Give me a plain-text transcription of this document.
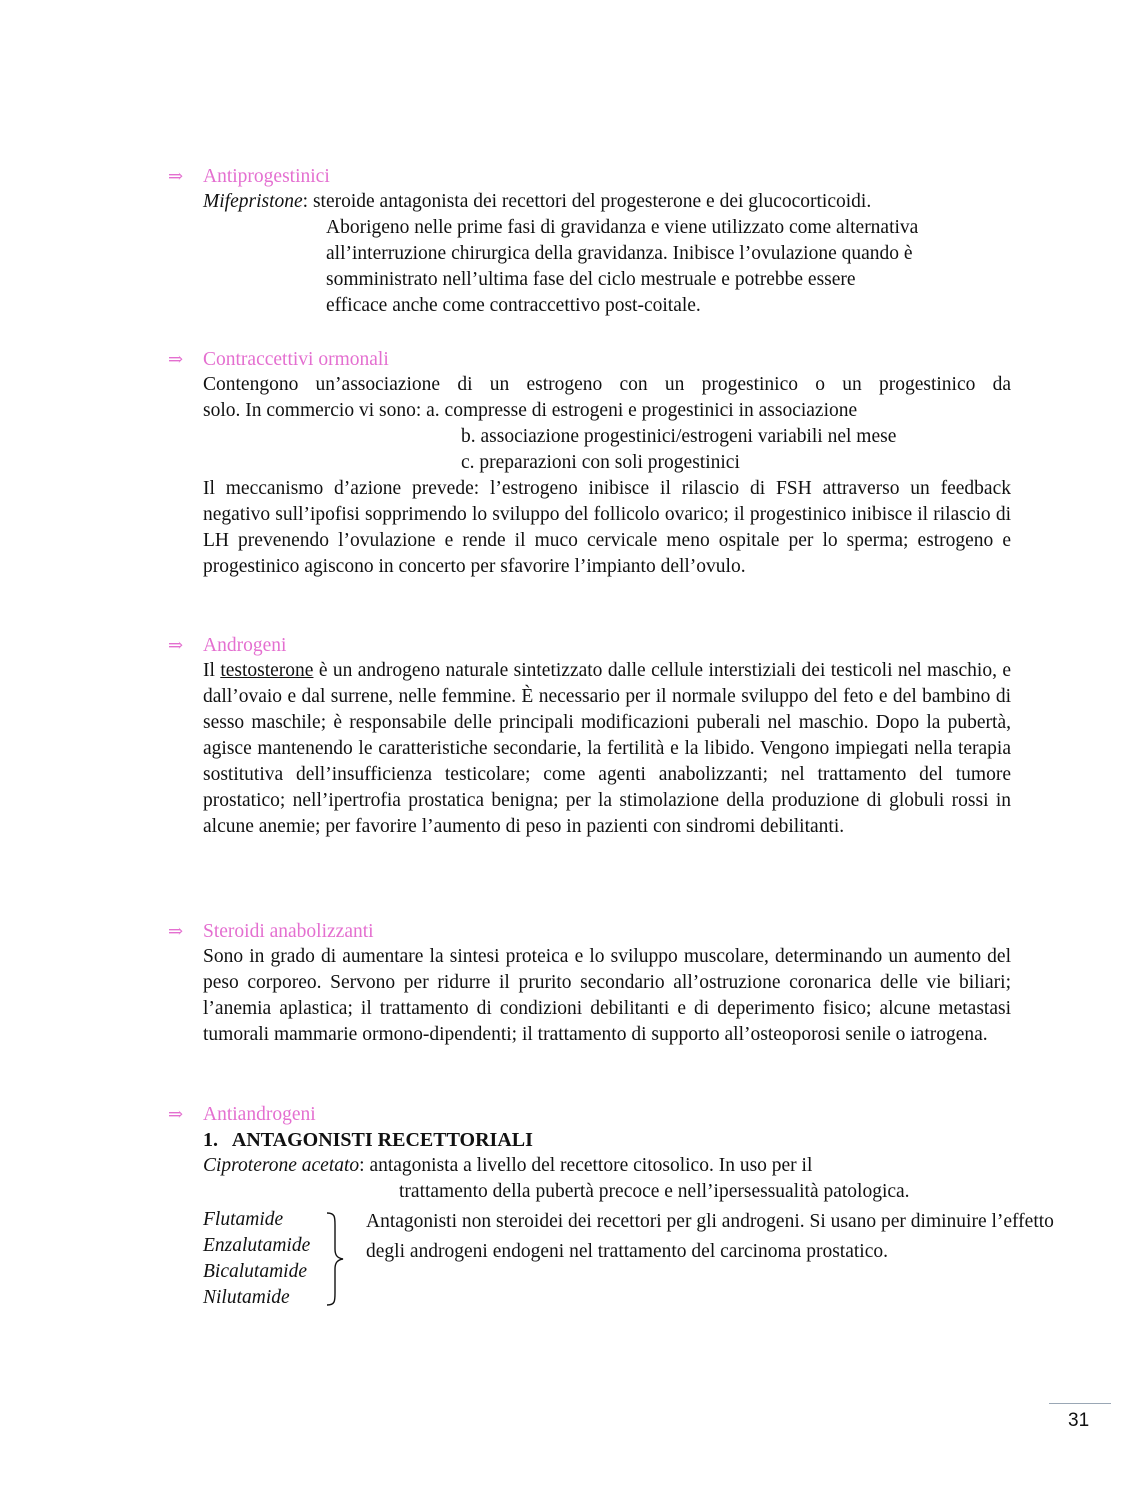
⇒	Antiprogestinici
Mifepristone: steroide antagonista dei recettori del progesterone e dei glucocorticoidi.
Aborigeno nelle prime fasi di gravidanza e viene utilizzato come alternativa
all’interruzione chirurgica della gravidanza. Inibisce l’ovulazione quando è
somministrato nell’ultima fase del ciclo mestruale e potrebbe essere
efficace anche come contraccettivo post-coitale.
⇒	Contraccettivi ormonali
Contengono un’associazione di un estrogeno con un progestinico o un progestinico da
solo. In commercio vi sono: a. compresse di estrogeni e progestinici in associazione
b. associazione progestinici/estrogeni variabili nel mese
c. preparazioni con soli progestinici
Il meccanismo d’azione prevede: l’estrogeno inibisce il rilascio di FSH attraverso un feedback negativo sull’ipofisi sopprimendo lo sviluppo del follicolo ovarico; il progestinico inibisce il rilascio di LH prevenendo l’ovulazione e rende il muco cervicale meno ospitale per lo sperma; estrogeno e progestinico agiscono in concerto per sfavorire l’impianto dell’ovulo.
⇒	Androgeni
Il testosterone è un androgeno naturale sintetizzato dalle cellule interstiziali dei testicoli nel maschio, e dall’ovaio e dal surrene, nelle femmine. È necessario per il normale sviluppo del feto e del bambino di sesso maschile; è responsabile delle principali modificazioni puberali nel maschio. Dopo la pubertà, agisce mantenendo le caratteristiche secondarie, la fertilità e la libido. Vengono impiegati nella terapia sostitutiva dell’insufficienza testicolare; come agenti anabolizzanti; nel trattamento del tumore prostatico; nell’ipertrofia prostatica benigna; per la stimolazione della produzione di globuli rossi in alcune anemie; per favorire l’aumento di peso in pazienti con sindromi debilitanti.
⇒	Steroidi anabolizzanti
Sono in grado di aumentare la sintesi proteica e lo sviluppo muscolare, determinando un aumento del peso corporeo. Servono per ridurre il prurito secondario all’ostruzione coronarica delle vie biliari; l’anemia aplastica; il trattamento di condizioni debilitanti e di deperimento fisico; alcune metastasi tumorali mammarie ormono-dipendenti; il trattamento di supporto all’osteoporosi senile o iatrogena.
⇒	Antiandrogeni
1.   ANTAGONISTI RECETTORIALI
Ciproterone acetato: antagonista a livello del recettore citosolico. In uso per il
trattamento della pubertà precoce e nell’ipersessualità patologica.
Flutamide
Enzalutamide
Bicalutamide
Nilutamide
Antagonisti non steroidei dei recettori per gli androgeni. Si usano per diminuire l’effetto degli androgeni endogeni nel trattamento del carcinoma prostatico.
31
